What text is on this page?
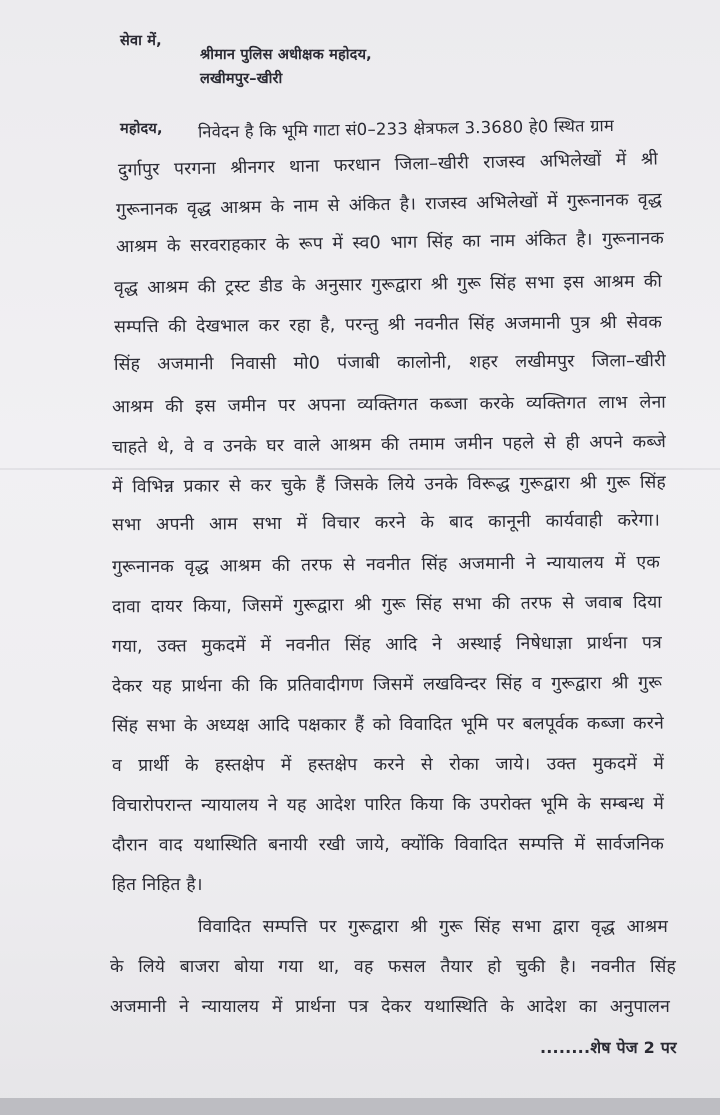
सेवा में,
श्रीमान पुलिस अधीक्षक महोदय,
लखीमपुर–खीरी
महोदय, निवेदन है कि भूमि गाटा सं0–233 क्षेत्रफल 3.3680 हे0 स्थित ग्राम
दुर्गापुर परगना श्रीनगर थाना फरधान जिला–खीरी राजस्व अभिलेखों में श्री
गुरूनानक वृद्ध आश्रम के नाम से अंकित है। राजस्व अभिलेखों में गुरूनानक वृद्ध
आश्रम के सरवराहकार के रूप में स्व0 भाग सिंह का नाम अंकित है। गुरूनानक
वृद्ध आश्रम की ट्रस्ट डीड के अनुसार गुरूद्वारा श्री गुरू सिंह सभा इस आश्रम की
सम्पत्ति की देखभाल कर रहा है, परन्तु श्री नवनीत सिंह अजमानी पुत्र श्री सेवक
सिंह अजमानी निवासी मो0 पंजाबी कालोनी, शहर लखीमपुर जिला–खीरी
आश्रम की इस जमीन पर अपना व्यक्तिगत कब्जा करके व्यक्तिगत लाभ लेना
चाहते थे, वे व उनके घर वाले आश्रम की तमाम जमीन पहले से ही अपने कब्जे
में विभिन्न प्रकार से कर चुके हैं जिसके लिये उनके विरूद्ध गुरूद्वारा श्री गुरू सिंह
सभा अपनी आम सभा में विचार करने के बाद कानूनी कार्यवाही करेगा।
गुरूनानक वृद्ध आश्रम की तरफ से नवनीत सिंह अजमानी ने न्यायालय में एक
दावा दायर किया, जिसमें गुरूद्वारा श्री गुरू सिंह सभा की तरफ से जवाब दिया
गया, उक्त मुकदमें में नवनीत सिंह आदि ने अस्थाई निषेधाज्ञा प्रार्थना पत्र
देकर यह प्रार्थना की कि प्रतिवादीगण जिसमें लखविन्दर सिंह व गुरूद्वारा श्री गुरू
सिंह सभा के अध्यक्ष आदि पक्षकार हैं को विवादित भूमि पर बलपूर्वक कब्जा करने
व प्रार्थी के हस्तक्षेप में हस्तक्षेप करने से रोका जाये। उक्त मुकदमें में
विचारोपरान्त न्यायालय ने यह आदेश पारित किया कि उपरोक्त भूमि के सम्बन्ध में
दौरान वाद यथास्थिति बनायी रखी जाये, क्योंकि विवादित सम्पत्ति में सार्वजनिक
हित निहित है।
विवादित सम्पत्ति पर गुरूद्वारा श्री गुरू सिंह सभा द्वारा वृद्ध आश्रम
के लिये बाजरा बोया गया था, वह फसल तैयार हो चुकी है। नवनीत सिंह
अजमानी ने न्यायालय में प्रार्थना पत्र देकर यथास्थिति के आदेश का अनुपालन
........शेष पेज 2 पर
